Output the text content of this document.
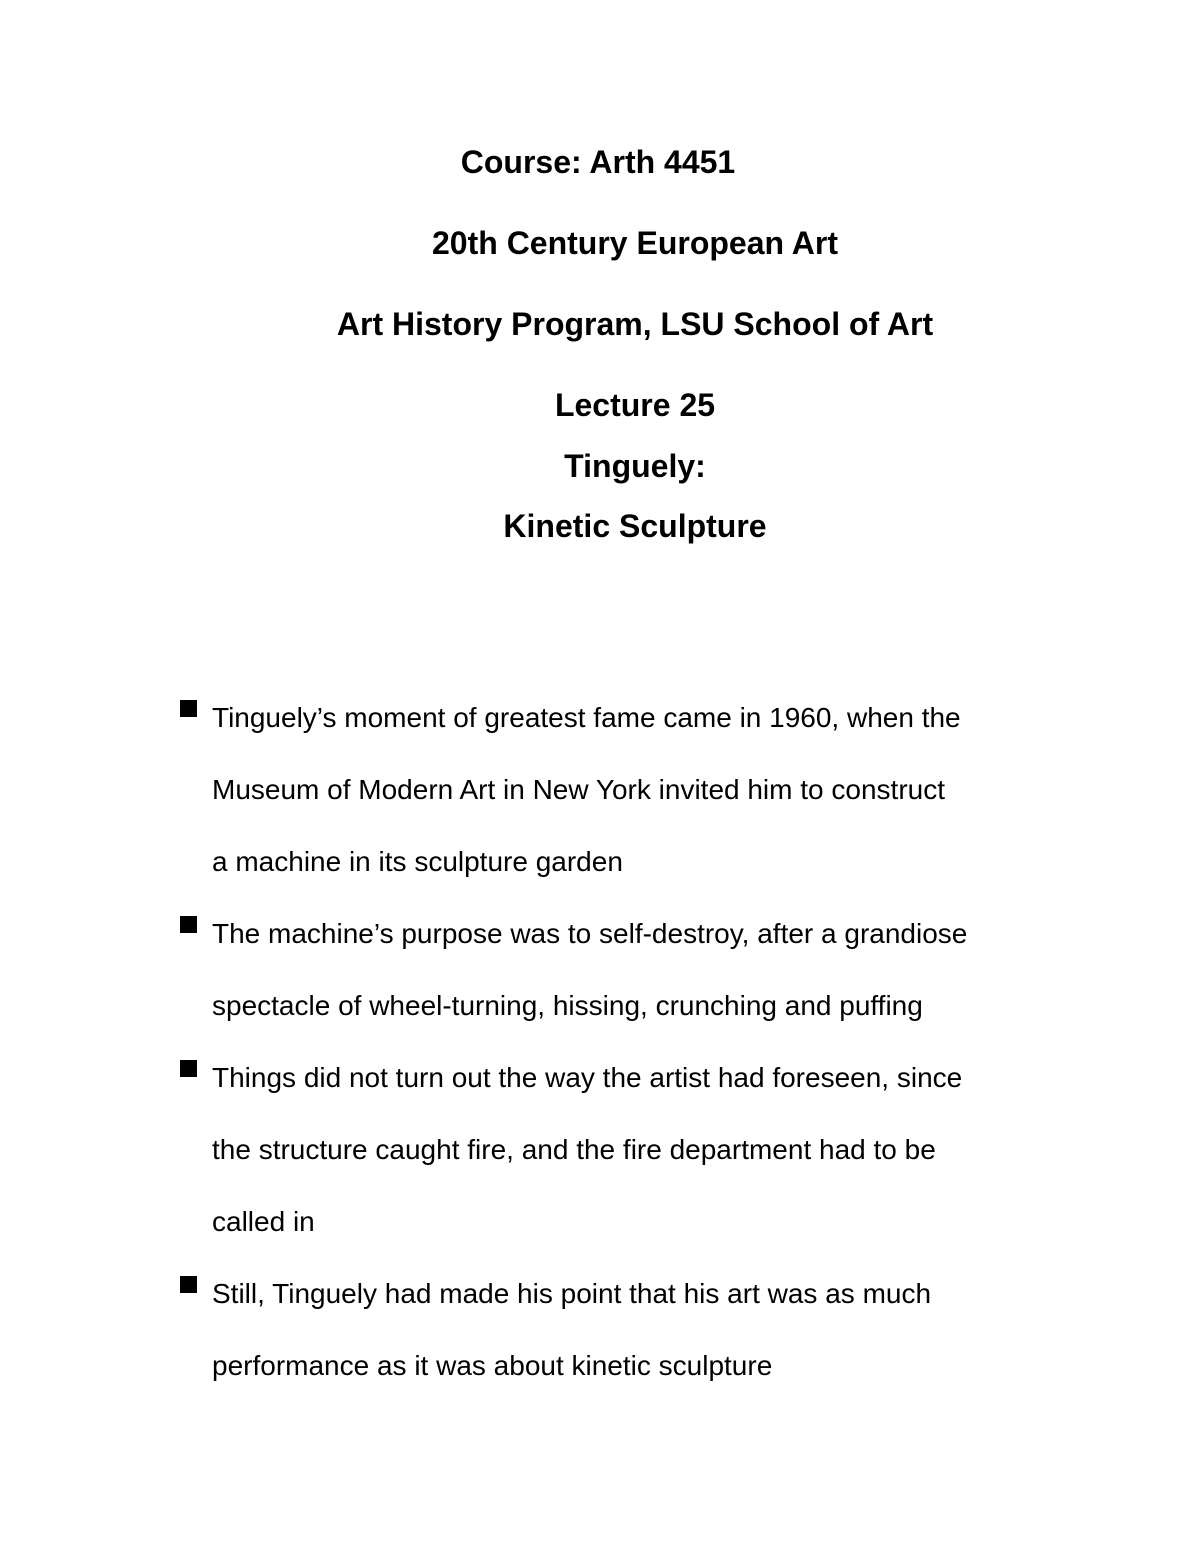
Course: Arth 4451
20th Century European Art
Art History Program, LSU School of Art
Lecture 25
Tinguely:
Kinetic Sculpture
Tinguely’s moment of greatest fame came in 1960, when the
Museum of Modern Art in New York invited him to construct
a machine in its sculpture garden
The machine’s purpose was to self-destroy, after a grandiose
spectacle of wheel-turning, hissing, crunching and puffing
Things did not turn out the way the artist had foreseen, since
the structure caught fire, and the fire department had to be
called in
Still, Tinguely had made his point that his art was as much
performance as it was about kinetic sculpture
